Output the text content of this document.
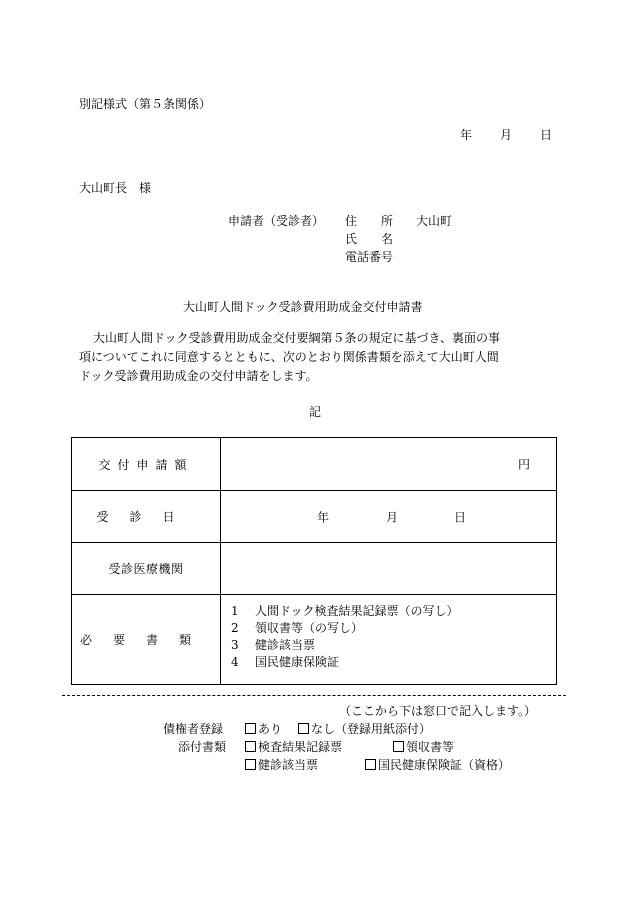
別記様式（第５条関係）
年 月 日
大山町長　様
申請者（受診者） 住　　所 大山町
氏　　名
電話番号
大山町人間ドック受診費用助成金交付申請書
大山町人間ドック受診費用助成金交付要綱第５条の規定に基づき、裏面の事
項についてこれに同意するとともに、次のとおり関係書類を添えて大山町人間
ドック受診費用助成金の交付申請をします。
記
交付申請額	円

受診日	年 月 日

受診医療機関	
必要書類	1 人間ドック検査結果記録票（の写し）
2 領収書等（の写し）
3 健診該当票
4 国民健康保険証
（ここから下は窓口で記入します。）
債権者登録	あり	なし（登録用紙添付）
添付書類	検査結果記録票	領収書等
健診該当票	国民健康保険証（資格）
